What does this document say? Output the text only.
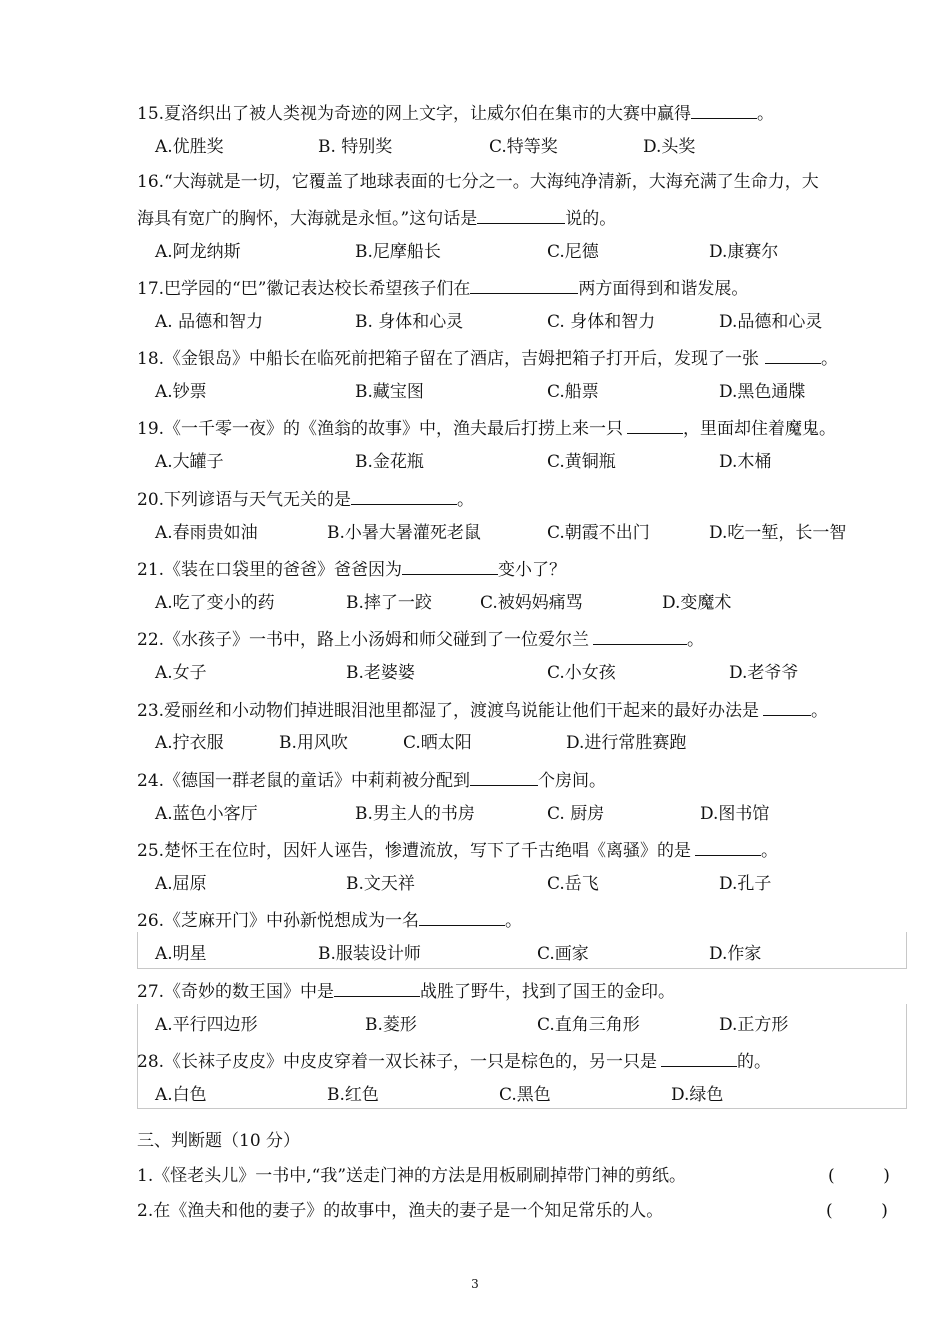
15.夏洛织出了被人类视为奇迹的网上文字，让威尔伯在集市的大赛中赢得	。
A.优胜奖	B. 特别奖	C.特等奖	D.头奖
16.“大海就是一切，它覆盖了地球表面的七分之一。大海纯净清新，大海充满了生命力，大
海具有宽广的胸怀，大海就是永恒。”这句话是	说的。
A.阿龙纳斯	B.尼摩船长	C.尼德	D.康赛尔
17.巴学园的“巴”徽记表达校长希望孩子们在	两方面得到和谐发展。
A. 品德和智力	B. 身体和心灵	C. 身体和智力	D.品德和心灵
18.《金银岛》中船长在临死前把箱子留在了酒店，吉姆把箱子打开后，发现了一张	。
A.钞票	B.藏宝图	C.船票	D.黑色通牒
19.《一千零一夜》的《渔翁的故事》中，渔夫最后打捞上来一只	，里面却住着魔鬼。
A.大罐子	B.金花瓶	C.黄铜瓶	D.木桶
20.下列谚语与天气无关的是	。
A.春雨贵如油	B.小暑大暑灌死老鼠	C.朝霞不出门	D.吃一堑，长一智
21.《装在口袋里的爸爸》爸爸因为	变小了？
A.吃了变小的药	B.摔了一跤	C.被妈妈痛骂	D.变魔术
22.《水孩子》一书中，路上小汤姆和师父碰到了一位爱尔兰	。
A.女子	B.老婆婆	C.小女孩	D.老爷爷
23.爱丽丝和小动物们掉进眼泪池里都湿了，渡渡鸟说能让他们干起来的最好办法是	。
A.拧衣服	B.用风吹	C.晒太阳	D.进行常胜赛跑
24.《德国一群老鼠的童话》中莉莉被分配到	个房间。
A.蓝色小客厅	B.男主人的书房	C. 厨房	D.图书馆
25.楚怀王在位时，因奸人诬告，惨遭流放，写下了千古绝唱《离骚》的是	。
A.屈原	B.文天祥	C.岳飞	D.孔子
26.《芝麻开门》中孙新悦想成为一名	。
A.明星	B.服装设计师	C.画家	D.作家
27.《奇妙的数王国》中是	战胜了野牛，找到了国王的金印。
A.平行四边形	B.菱形	C.直角三角形	D.正方形
28.《长袜子皮皮》中皮皮穿着一双长袜子，一只是棕色的，另一只是	的。
A.白色	B.红色	C.黑色	D.绿色
三、判断题（10 分）
1.《怪老头儿》一书中,“我”送走门神的方法是用板刷刷掉带门神的剪纸。	(         )
2.在《渔夫和他的妻子》的故事中，渔夫的妻子是一个知足常乐的人。	(         )
3
